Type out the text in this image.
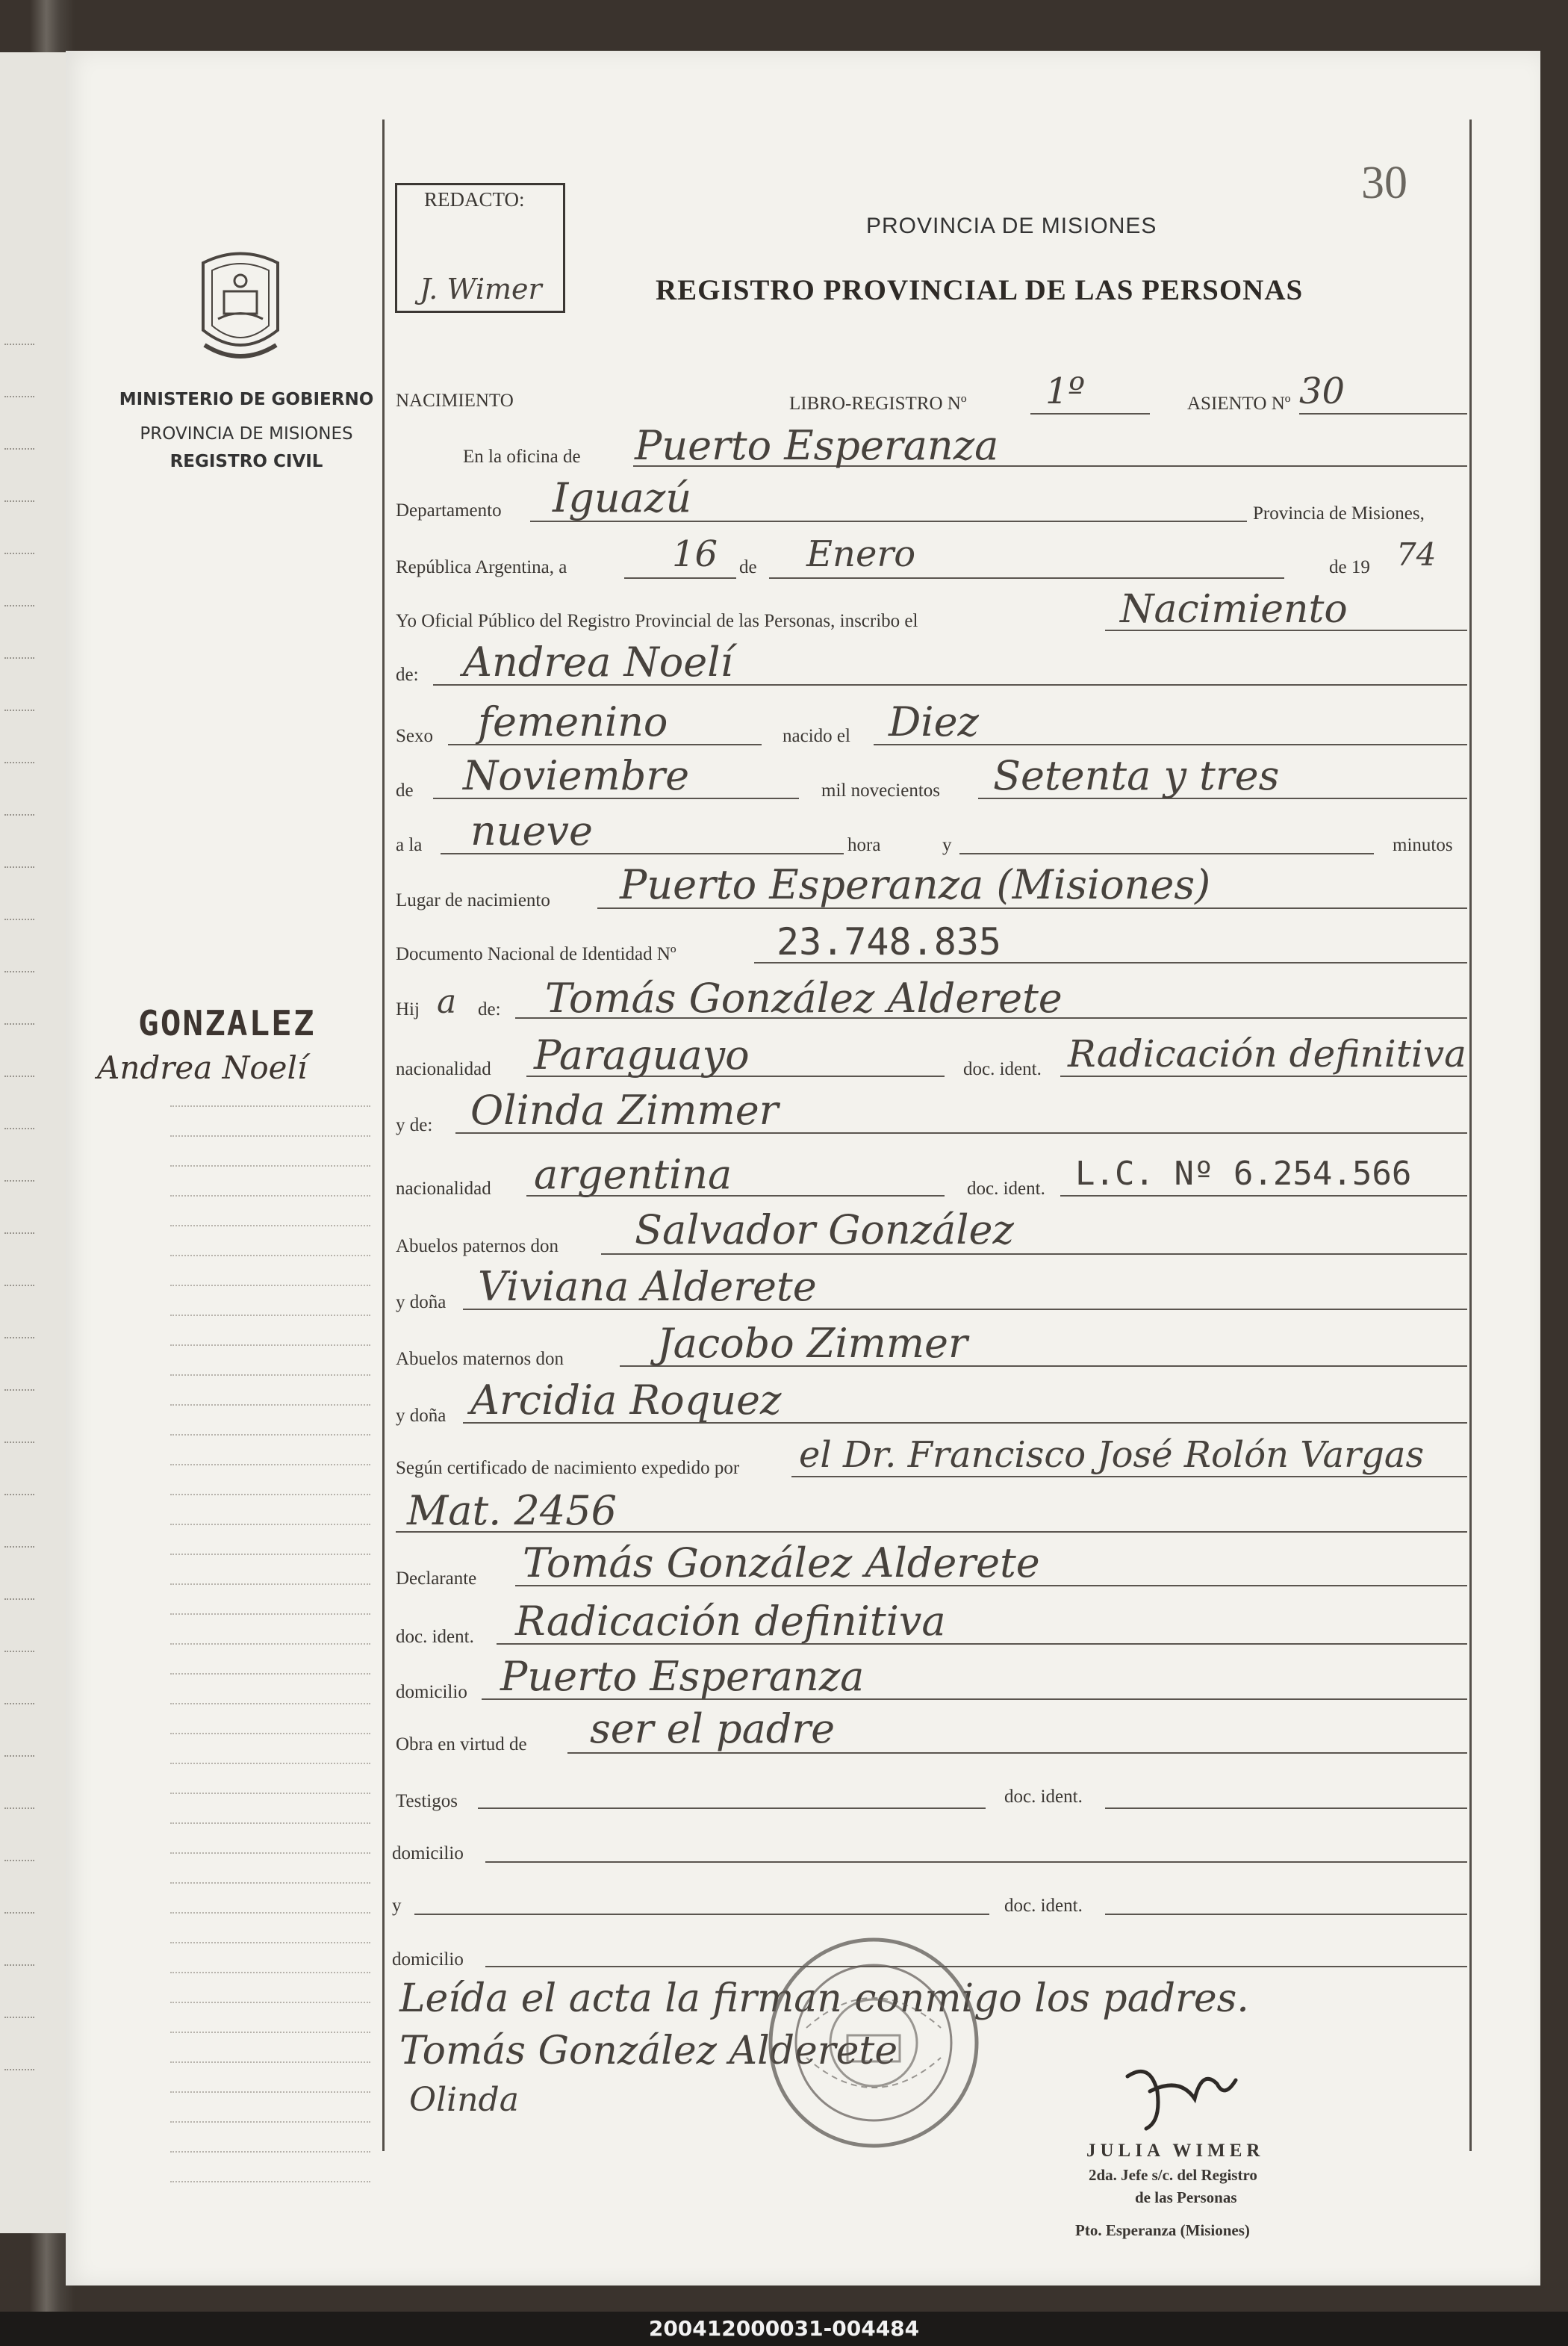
MINISTERIO DE GOBIERNO
PROVINCIA DE MISIONES
REGISTRO CIVIL
GONZALEZ
Andrea Noelí
REDACTO:
J. Wimer
30
PROVINCIA DE MISIONES
REGISTRO PROVINCIAL DE LAS PERSONAS
NACIMIENTO	LIBRO-REGISTRO Nº 1º	ASIENTO Nº 30
En la oficina de Puerto Esperanza
Departamento Iguazú	Provincia de Misiones,
República Argentina, a	16 de Enero	de 19 74
Yo Oficial Público del Registro Provincial de las Personas, inscribo el	Nacimiento
de: Andrea Noelí
Sexo femenino	nacido el Diez
de Noviembre	mil novecientos Setenta y tres
a la nueve	hora	y	minutos
Lugar de nacimiento Puerto Esperanza (Misiones)
Documento Nacional de Identidad Nº	23.748.835
Hij a de: Tomás González Alderete
nacionalidad Paraguayo	doc. ident. Radicación definitiva
y de: Olinda Zimmer
nacionalidad argentina	doc. ident. L.C. Nº 6.254.566
Abuelos paternos don Salvador González
y doña Viviana Alderete
Abuelos maternos don Jacobo Zimmer
y doña Arcidia Roquez
Según certificado de nacimiento expedido por el Dr. Francisco José Rolón Vargas
Mat. 2456
Declarante Tomás González Alderete
doc. ident. Radicación definitiva
domicilio Puerto Esperanza
Obra en virtud de ser el padre
Testigos	doc. ident.
domicilio
y	doc. ident.
domicilio
Leída el acta la firman conmigo los padres.
Tomás González Alderete
Olinda
JULIA WIMER
2da. Jefe s/c. del Registro
de las Personas
Pto. Esperanza (Misiones)
200412000031-004484
